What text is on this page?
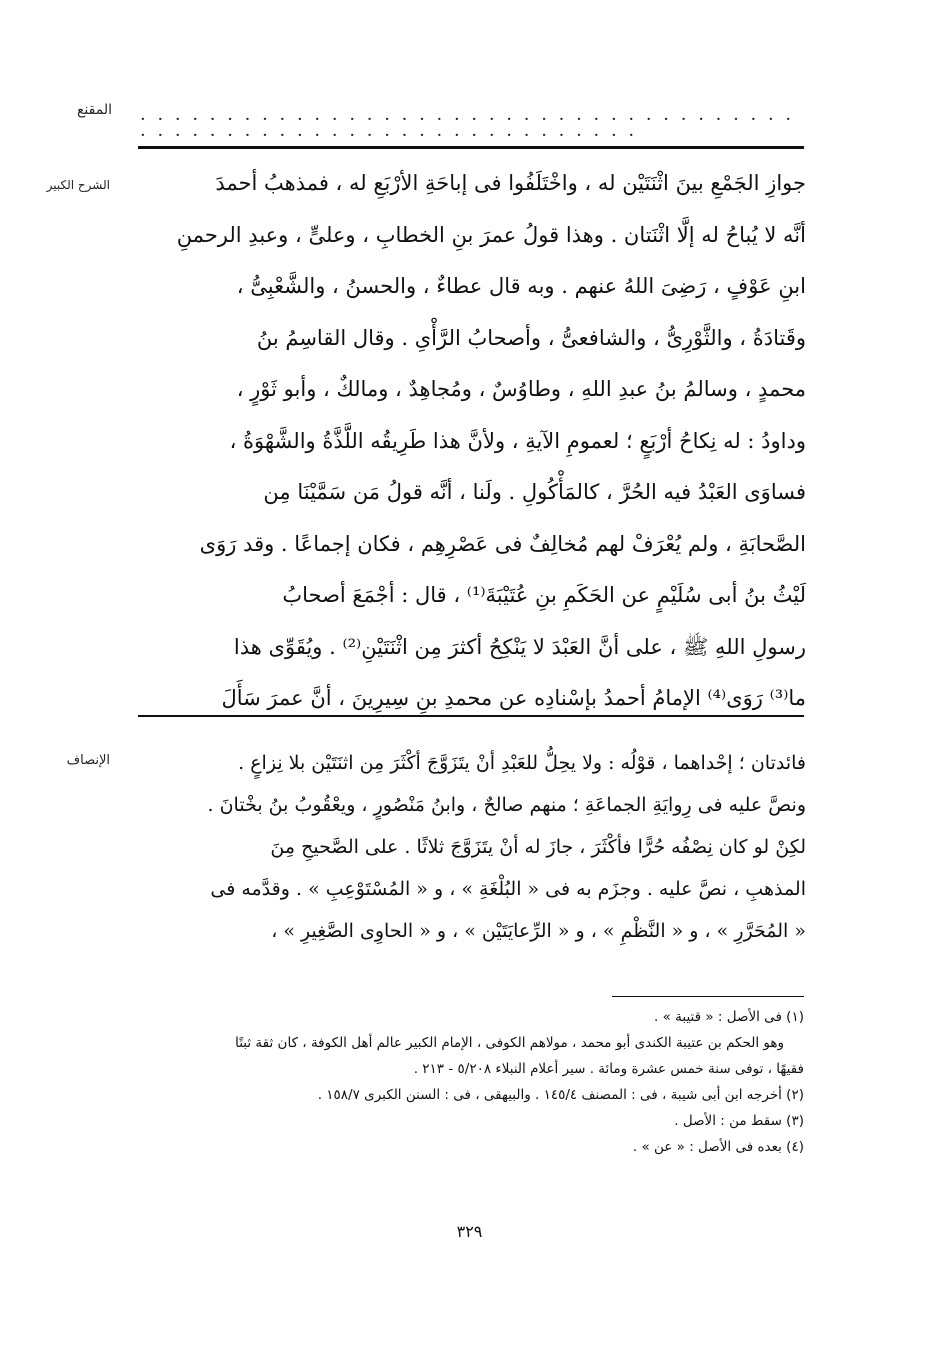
المقنع · · · · · · · · · · · · · · · · · · · · · · · · · · · · · · · · · · · · · · · · · · · · · · · · · · · · · · · · · · · · · · · · · · ·
الشرح الكبير	جوازِ الجَمْعِ بينَ اثْنَتَيْن له ، واخْتَلَفُوا فى إباحَةِ الأرْبَعِ له ، فمذهبُ أحمدَ
أنَّه لا يُباحُ له إلَّا اثْنَتان . وهذا قولُ عمرَ بنِ الخطابِ ، وعلىٍّ ، وعبدِ الرحمنِ
ابنِ عَوْفٍ ، رَضِىَ اللهُ عنهم . وبه قال عطاءٌ ، والحسنُ ، والشَّعْبِىُّ ،
وقَتادَةُ ، والثَّوْرِىُّ ، والشافعىُّ ، وأصحابُ الرَّأْىِ . وقال القاسِمُ بنُ
محمدٍ ، وسالمُ بنُ عبدِ اللهِ ، وطاوُسٌ ، ومُجاهِدٌ ، ومالكٌ ، وأبو ثَوْرٍ ،
وداودُ : له نِكاحُ أرْبَعٍ ؛ لعمومِ الآيةِ ، ولأنَّ هذا طَرِيقُه اللَّذَّةُ والشَّهْوَةُ ،
فساوَى العَبْدُ فيه الحُرَّ ، كالمَأْكُولِ . ولَنا ، أنَّه قولُ مَن سَمَّيْنَا مِن
الصَّحابَةِ ، ولم يُعْرَفْ لهم مُخالِفٌ فى عَصْرِهِم ، فكان إجماعًا . وقد رَوَى
لَيْثُ بنُ أبى سُلَيْمٍ عن الحَكَمِ بنِ عُتَيْبَةَ⁽¹⁾ ، قال : أجْمَعَ أصحابُ
رسولِ اللهِ ﷺ ، على أنَّ العَبْدَ لا يَنْكِحُ أكثرَ مِن اثْنَتَيْنِ⁽²⁾ . ويُقَوِّى هذا
ما⁽³⁾ رَوَى⁽⁴⁾ الإمامُ أحمدُ بإسْنادِه عن محمدِ بنِ سِيرِينَ ، أنَّ عمرَ سَأَلَ
الإنصاف	فائدتان ؛ إحْداهما ، قوْلُه : ولا يحِلُّ للعَبْدِ أنْ يتَزَوَّجَ أكْثَرَ مِن اثنَتَيْن بلا نِزاعٍ .
ونصَّ عليه فى رِوايَةِ الجماعَةِ ؛ منهم صالحٌ ، وابنُ مَنْصُورٍ ، ويعْقُوبُ بنُ بخْتانَ .
لكِنْ لو كان نِصْفُه حُرًّا فأكْثَرَ ، جازَ له أنْ يتَزَوَّجَ ثلاثًا . على الصَّحيحِ مِنَ
المذهبِ ، نصَّ عليه . وجزَم به فى « البُلْغَةِ » ، و « المُسْتَوْعِبِ » . وقدَّمه فى
« المُحَرَّرِ » ، و « النَّظْمِ » ، و « الرِّعايَتَيْن » ، و « الحاوِى الصَّغِيرِ » ،
(١) فى الأصل : « قتيبة » .
وهو الحكم بن عتيبة الكندى أبو محمد ، مولاهم الكوفى ، الإمام الكبير عالم أهل الكوفة ، كان ثقة ثبتًا
فقيهًا ، توفى سنة خمس عشرة ومائة . سير أعلام النبلاء ٥/٢٠٨ - ٢١٣ .
(٢) أخرجه ابن أبى شيبة ، فى : المصنف ١٤٥/٤ . والبيهقى ، فى : السنن الكبرى ١٥٨/٧ .
(٣) سقط من : الأصل .
(٤) بعده فى الأصل : « عن » .
٣٢٩
